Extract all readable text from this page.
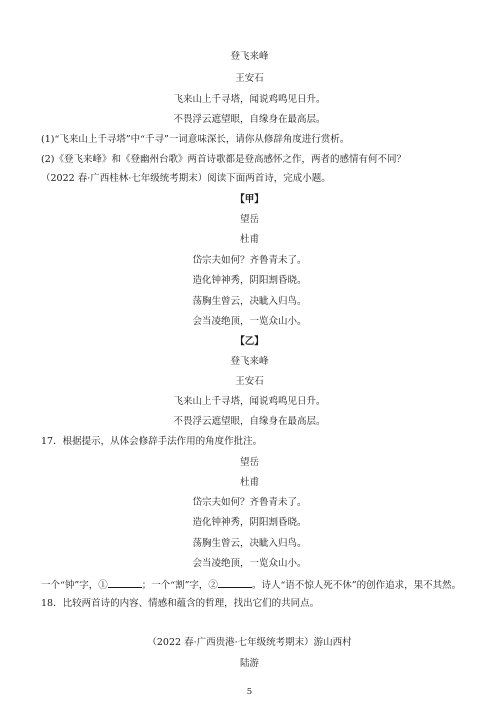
登飞来峰
王安石
飞来山上千寻塔，闻说鸡鸣见日升。
不畏浮云遮望眼，自缘身在最高层。
(1)“飞来山上千寻塔”中“千寻”一词意味深长，请你从修辞角度进行赏析。
(2)《登飞来峰》和《登幽州台歌》两首诗歌都是登高感怀之作，两者的感情有何不同？
（2022 春·广西桂林·七年级统考期末）阅读下面两首诗，完成小题。
【甲】
望岳
杜甫
岱宗夫如何？齐鲁青未了。
造化钟神秀，阴阳割昏晓。
荡胸生曾云，决眦入归鸟。
会当凌绝顶，一览众山小。
【乙】
登飞来峰
王安石
飞来山上千寻塔，闻说鸡鸣见日升。
不畏浮云遮望眼，自缘身在最高层。
17．根据提示，从体会修辞手法作用的角度作批注。
望岳
杜甫
岱宗夫如何？齐鲁青未了。
造化钟神秀，阴阳割昏晓。
荡胸生曾云，决眦入归鸟。
会当凌绝顶，一览众山小。
一个“钟”字，①	；一个“割”字，②	。诗人“语不惊人死不休”的创作追求，果不其然。
18．比较两首诗的内容、情感和蕴含的哲理，找出它们的共同点。
（2022 春·广西贵港·七年级统考期末）游山西村
陆游
5
